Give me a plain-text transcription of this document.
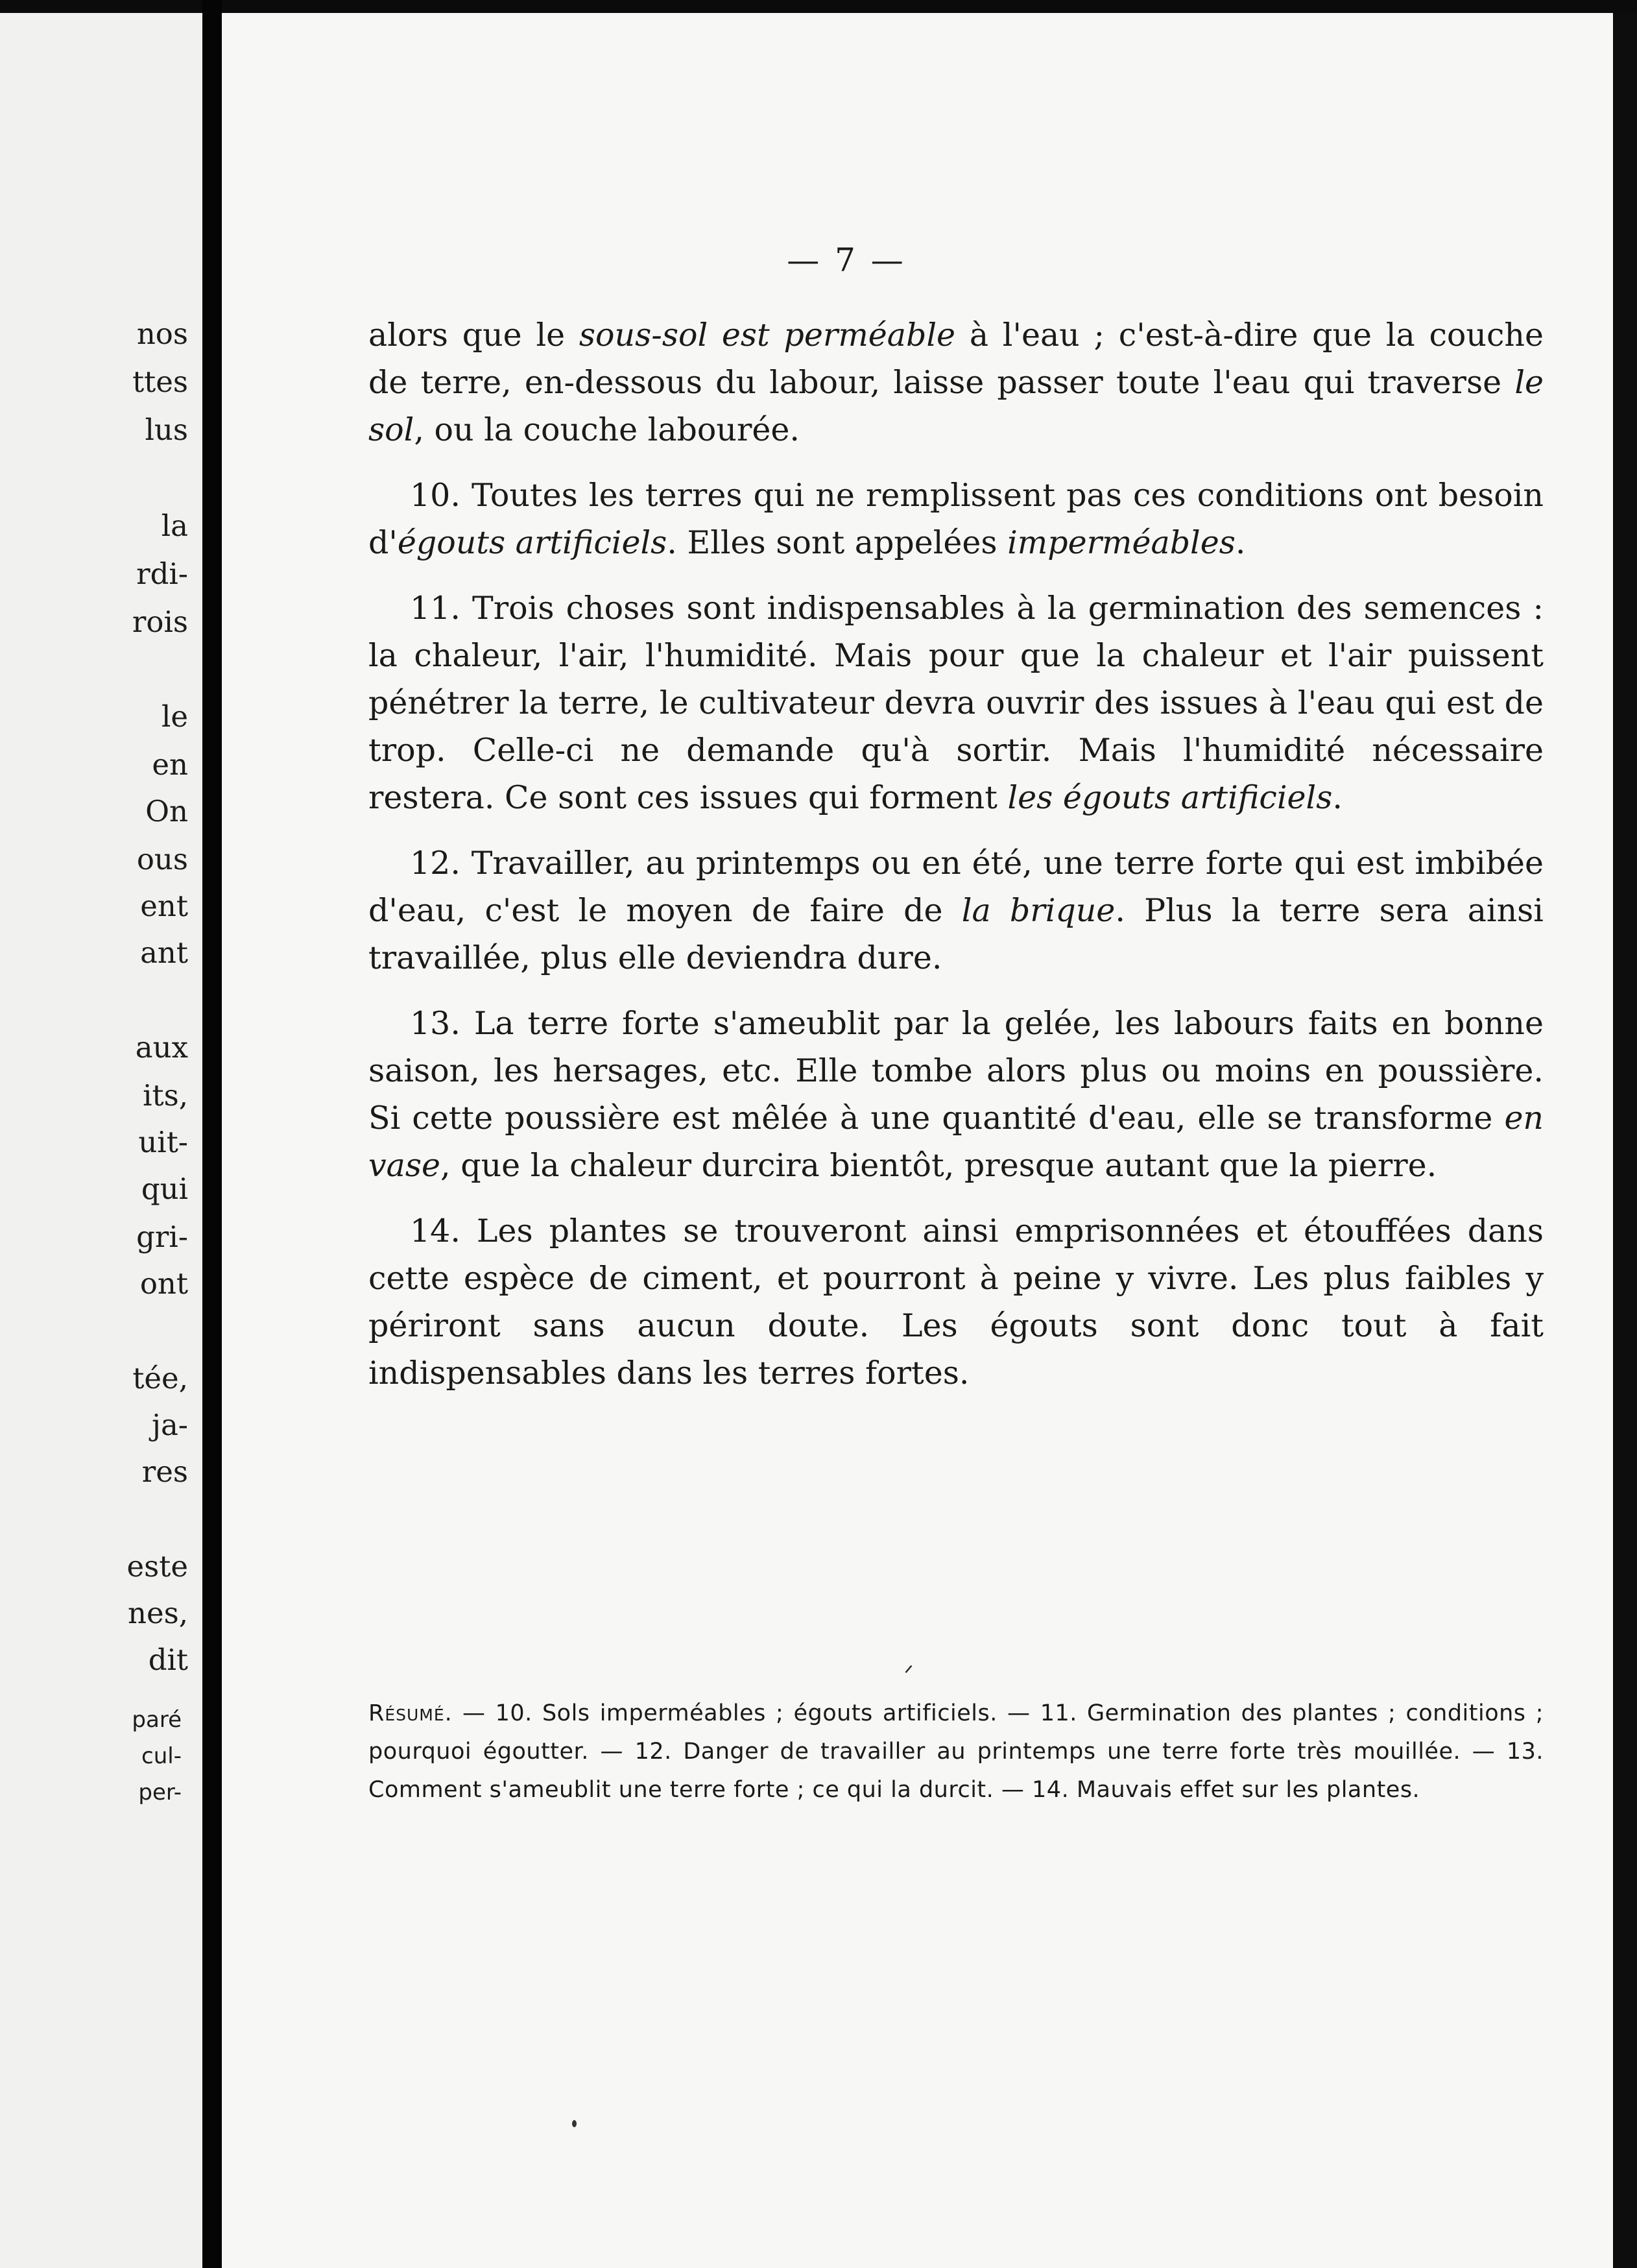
nos
ttes
lus
la
rdi-
rois
le
en
On
ous
ent
ant
aux
its,
uit-
qui
gri-
ont
tée,
ja-
res
este
nes,
dit
paré
cul-
per-
— 7 —

alors que le sous-sol est perméable à l'eau ; c'est-à-dire que la couche de terre, en-dessous du labour, laisse passer toute l'eau qui traverse le sol, ou la couche labourée.

10. Toutes les terres qui ne remplissent pas ces conditions ont besoin d'égouts artificiels. Elles sont appelées imperméables.

11. Trois choses sont indispensables à la germination des semences : la chaleur, l'air, l'humidité. Mais pour que la chaleur et l'air puissent pénétrer la terre, le cultivateur devra ouvrir des issues à l'eau qui est de trop. Celle-ci ne demande qu'à sortir. Mais l'humidité nécessaire restera. Ce sont ces issues qui forment les égouts artificiels.

12. Travailler, au printemps ou en été, une terre forte qui est imbibée d'eau, c'est le moyen de faire de la brique. Plus la terre sera ainsi travaillée, plus elle deviendra dure.

13. La terre forte s'ameublit par la gelée, les labours faits en bonne saison, les hersages, etc. Elle tombe alors plus ou moins en poussière. Si cette poussière est mêlée à une quantité d'eau, elle se transforme en vase, que la chaleur durcira bientôt, presque autant que la pierre.

14. Les plantes se trouveront ainsi emprisonnées et étouffées dans cette espèce de ciment, et pourront à peine y vivre. Les plus faibles y périront sans aucun doute. Les égouts sont donc tout à fait indispensables dans les terres fortes.

ᐟ
Résumé. — 10. Sols imperméables ; égouts artificiels. — 11. Germination des plantes ; conditions ; pourquoi égoutter. — 12. Danger de travailler au printemps une terre forte très mouillée. — 13. Comment s'ameublit une terre forte ; ce qui la durcit. — 14. Mauvais effet sur les plantes.
